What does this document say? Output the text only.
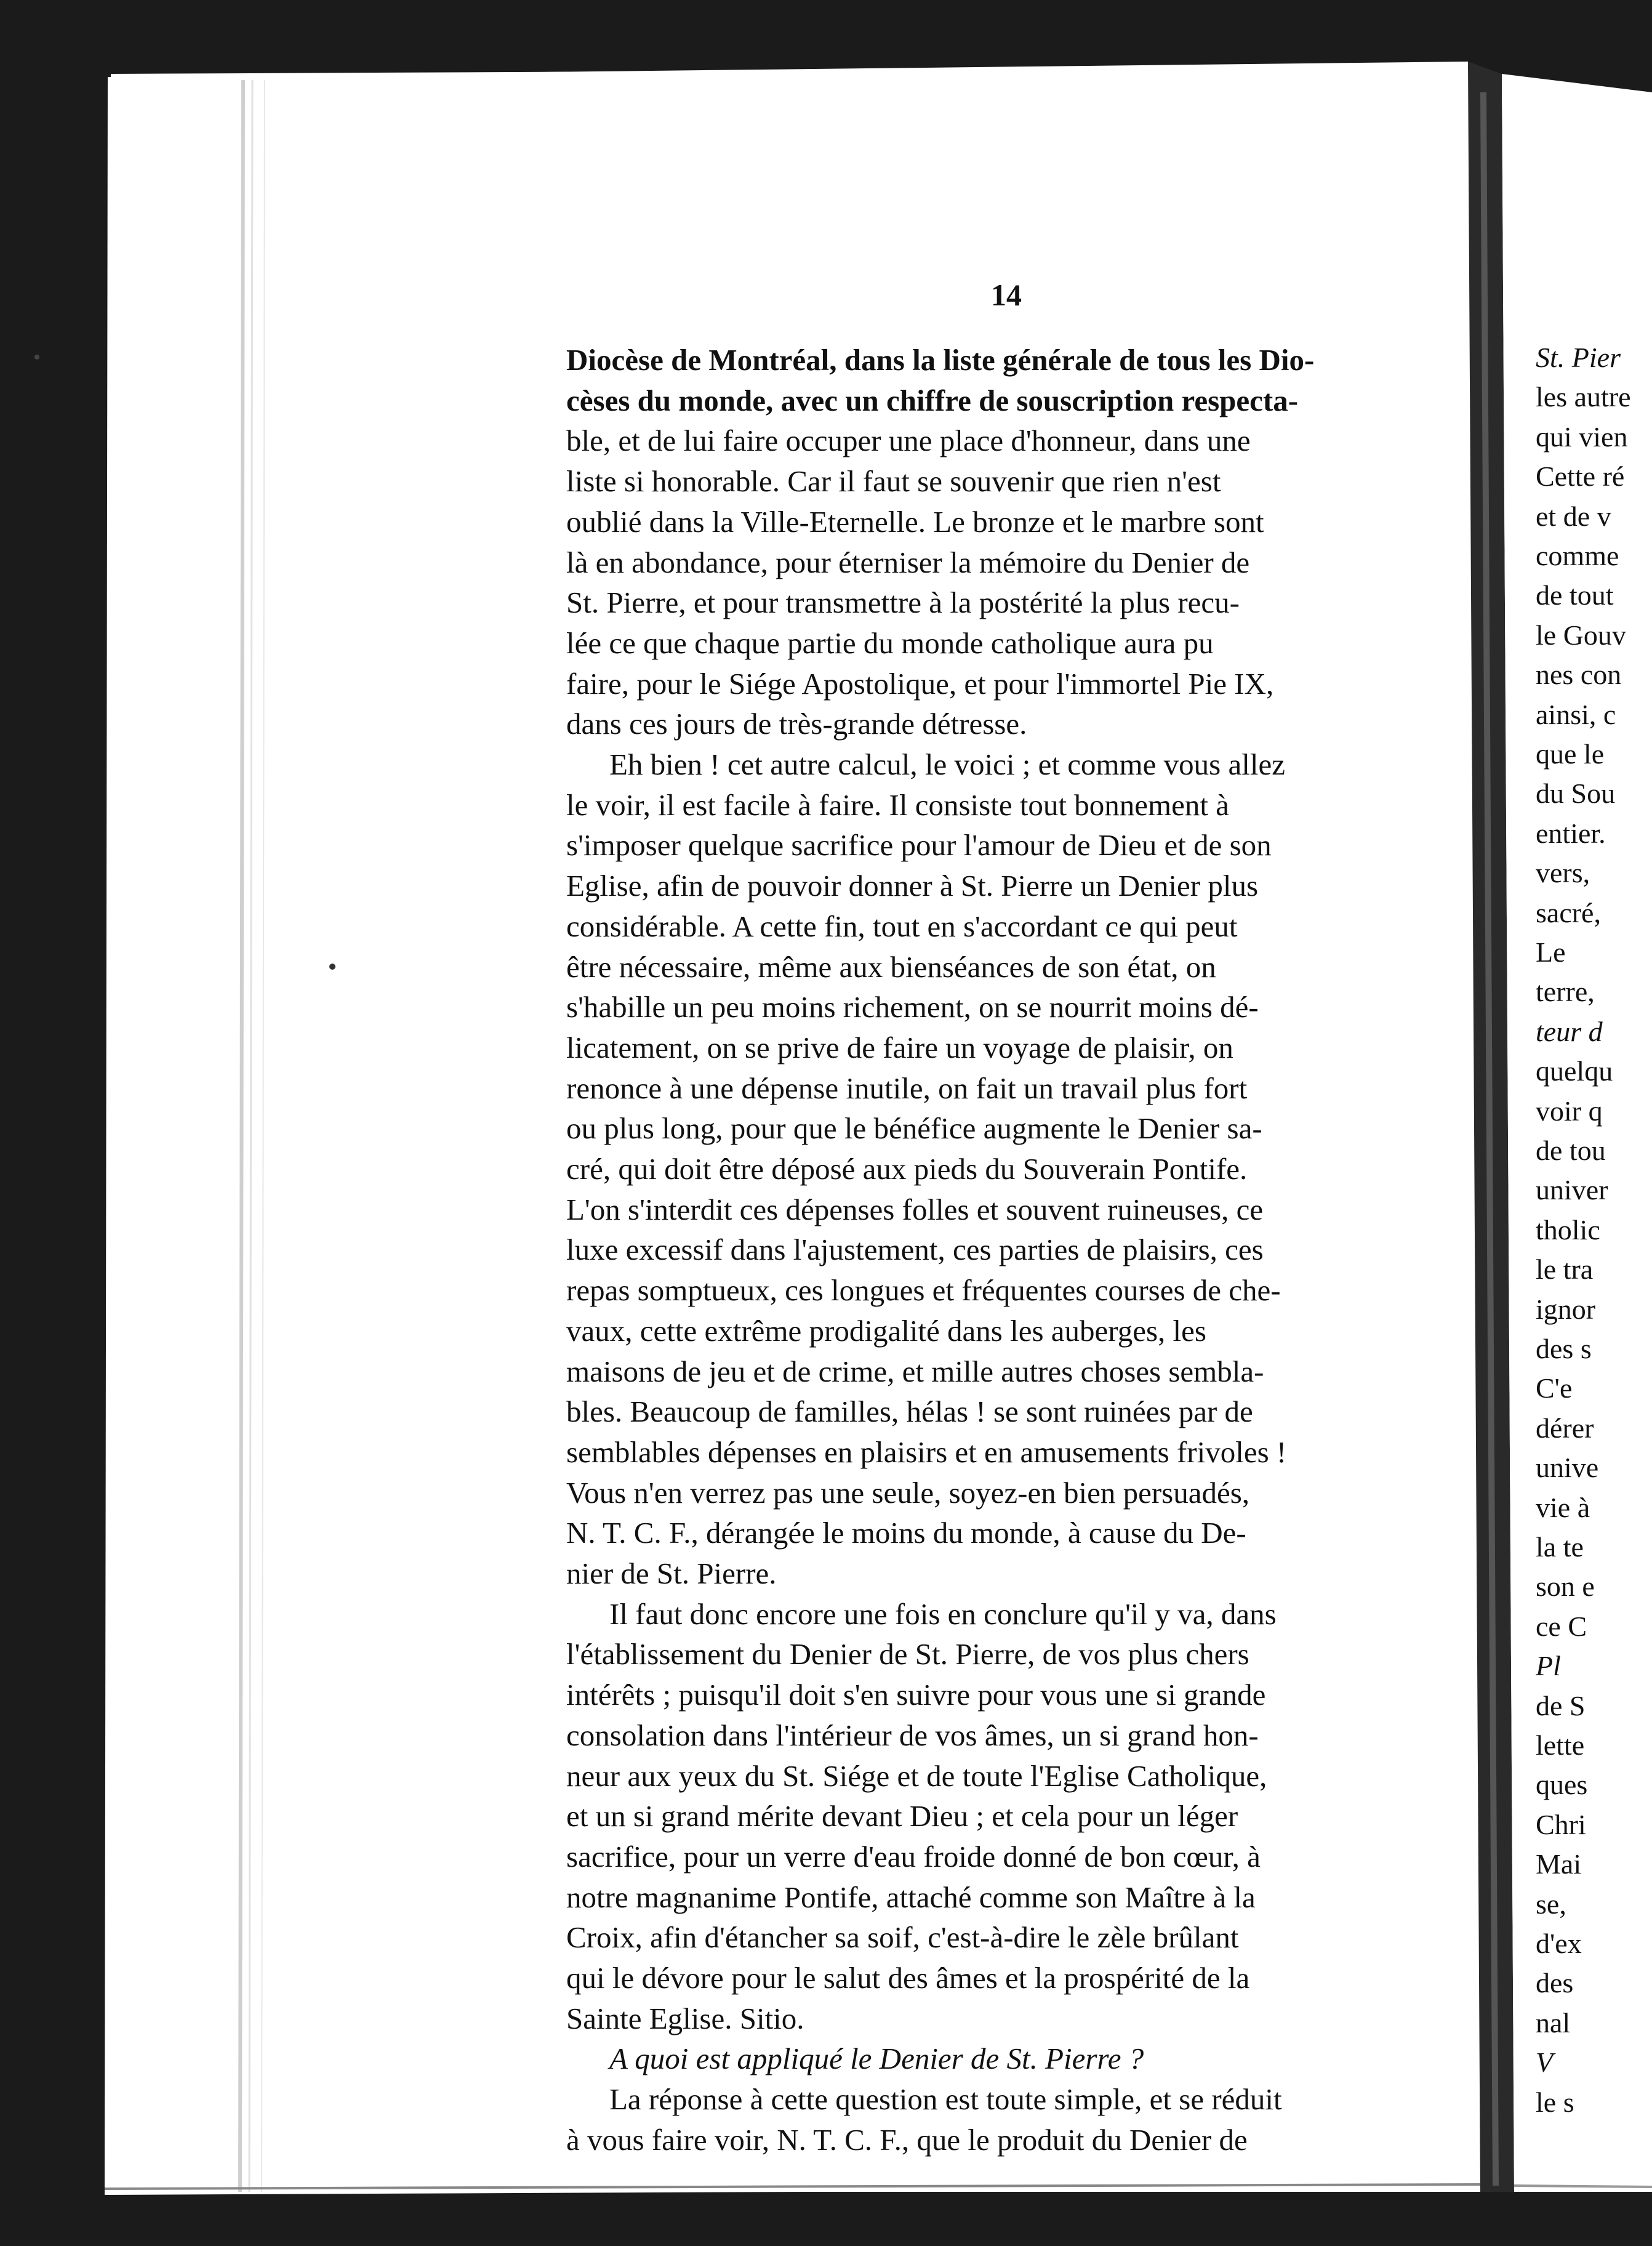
14
Diocèse de Montréal, dans la liste générale de tous les Dio-
cèses du monde, avec un chiffre de souscription respecta-
ble, et de lui faire occuper une place d'honneur, dans une
liste si honorable. Car il faut se souvenir que rien n'est
oublié dans la Ville-Eternelle. Le bronze et le marbre sont
là en abondance, pour éterniser la mémoire du Denier de
St. Pierre, et pour transmettre à la postérité la plus recu-
lée ce que chaque partie du monde catholique aura pu
faire, pour le Siége Apostolique, et pour l'immortel Pie IX,
dans ces jours de très-grande détresse.
Eh bien ! cet autre calcul, le voici ; et comme vous allez
le voir, il est facile à faire. Il consiste tout bonnement à
s'imposer quelque sacrifice pour l'amour de Dieu et de son
Eglise, afin de pouvoir donner à St. Pierre un Denier plus
considérable. A cette fin, tout en s'accordant ce qui peut
être nécessaire, même aux bienséances de son état, on
s'habille un peu moins richement, on se nourrit moins dé-
licatement, on se prive de faire un voyage de plaisir, on
renonce à une dépense inutile, on fait un travail plus fort
ou plus long, pour que le bénéfice augmente le Denier sa-
cré, qui doit être déposé aux pieds du Souverain Pontife.
L'on s'interdit ces dépenses folles et souvent ruineuses, ce
luxe excessif dans l'ajustement, ces parties de plaisirs, ces
repas somptueux, ces longues et fréquentes courses de che-
vaux, cette extrême prodigalité dans les auberges, les
maisons de jeu et de crime, et mille autres choses sembla-
bles. Beaucoup de familles, hélas ! se sont ruinées par de
semblables dépenses en plaisirs et en amusements frivoles !
Vous n'en verrez pas une seule, soyez-en bien persuadés,
N. T. C. F., dérangée le moins du monde, à cause du De-
nier de St. Pierre.
Il faut donc encore une fois en conclure qu'il y va, dans
l'établissement du Denier de St. Pierre, de vos plus chers
intérêts ; puisqu'il doit s'en suivre pour vous une si grande
consolation dans l'intérieur de vos âmes, un si grand hon-
neur aux yeux du St. Siége et de toute l'Eglise Catholique,
et un si grand mérite devant Dieu ; et cela pour un léger
sacrifice, pour un verre d'eau froide donné de bon cœur, à
notre magnanime Pontife, attaché comme son Maître à la
Croix, afin d'étancher sa soif, c'est-à-dire le zèle brûlant
qui le dévore pour le salut des âmes et la prospérité de la
Sainte Eglise. Sitio.
A quoi est appliqué le Denier de St. Pierre ?
La réponse à cette question est toute simple, et se réduit
à vous faire voir, N. T. C. F., que le produit du Denier de
St. Pier
les autre
qui vien
Cette ré
et de v
comme
de tout
le Gouv
nes con
ainsi, c
que le
du Sou
entier.
vers,
sacré,
Le
terre,
teur d
quelqu
voir q
de tou
univer
tholic
le tra
ignor
des s
C'e
dérer
unive
vie à
la te
son e
ce C
Pl
de S
lette
ques
Chri
Mai
se,
d'ex
des
nal
V
le s
